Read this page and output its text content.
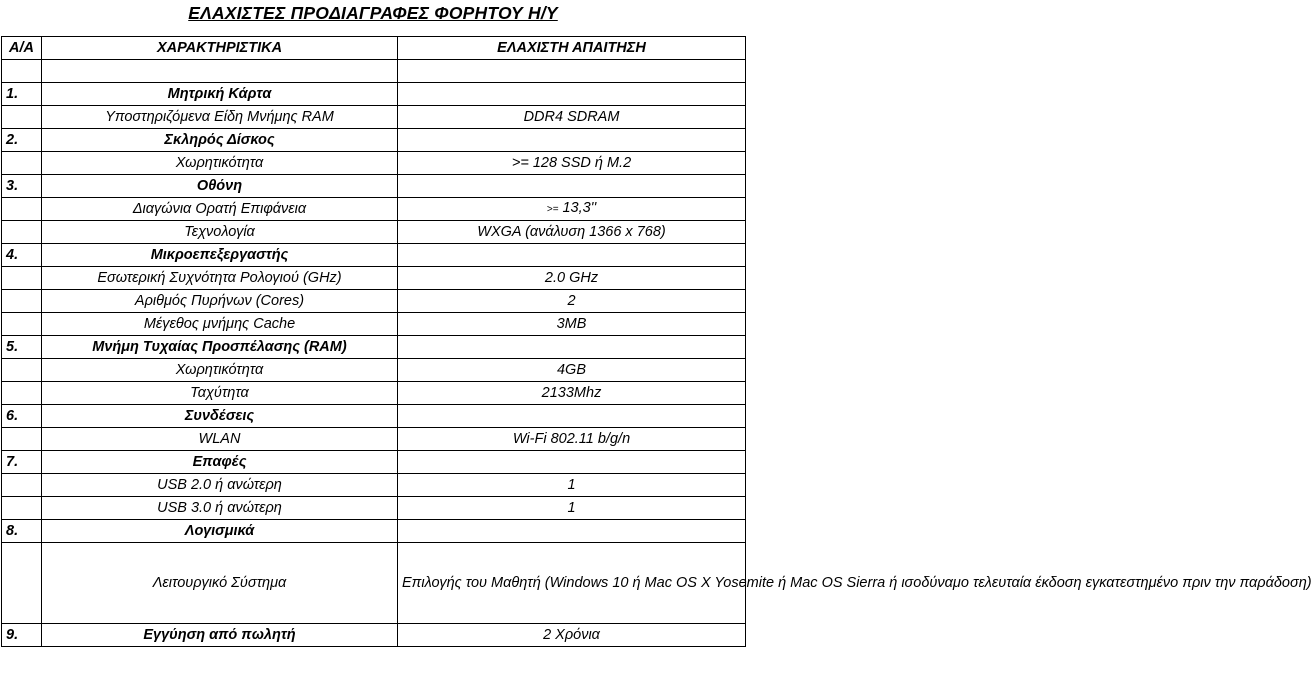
ΕΛΑΧΙΣΤΕΣ ΠΡΟΔΙΑΓΡΑΦΕΣ ΦΟΡΗΤΟΥ Η/Υ
Α/Α	ΧΑΡΑΚΤΗΡΙΣΤΙΚΑ	ΕΛΑΧΙΣΤΗ ΑΠΑΙΤΗΣΗ

1.	Μητρική Κάρτα	
	Υποστηριζόμενα Είδη Μνήμης RAM	DDR4 SDRAM
2.	Σκληρός Δίσκος	
	Χωρητικότητα	>= 128 SSD ή M.2
3.	Οθόνη	
	Διαγώνια Ορατή Επιφάνεια	>= 13,3''
	Τεχνολογία	WXGA (ανάλυση 1366 x 768)
4.	Μικροεπεξεργαστής	
	Εσωτερική Συχνότητα Ρολογιού (GHz)	2.0 GHz
	Αριθμός Πυρήνων (Cores)	2
	Μέγεθος μνήμης Cache	3MB
5.	Μνήμη Τυχαίας Προσπέλασης (RAM)	
	Χωρητικότητα	4GB
	Ταχύτητα	2133Mhz
6.	Συνδέσεις	
	WLAN	Wi-Fi 802.11 b/g/n
7.	Επαφές	
	USB 2.0 ή ανώτερη	1
	USB 3.0 ή ανώτερη	1
8.	Λογισμικά	
	Λειτουργικό Σύστημα	Επιλογής του Μαθητή (Windows 10 ή Mac OS X Yosemite ή Mac OS Sierra ή ισοδύναμο τελευταία έκδοση εγκατεστημένο πριν την παράδοση)
9.	Εγγύηση από πωλητή	2 Χρόνια
